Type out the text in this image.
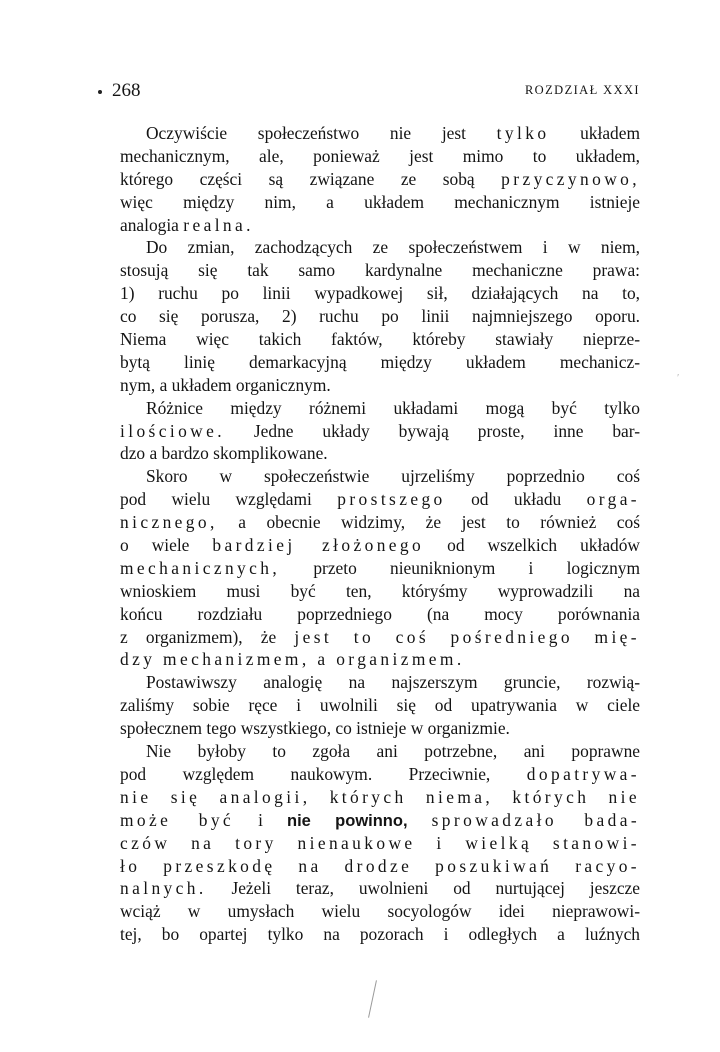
268	ROZDZIAŁ XXXI
Oczywiście społeczeństwo nie jest tylko układem
mechanicznym, ale, ponieważ jest mimo to układem,
którego części są związane ze sobą przyczynowo,
więc między nim, a układem mechanicznym istnieje
analogia realna.
Do zmian, zachodzących ze społeczeństwem i w niem,
stosują się tak samo kardynalne mechaniczne prawa:
1) ruchu po linii wypadkowej sił, działających na to,
co się porusza, 2) ruchu po linii najmniejszego oporu.
Niema więc takich faktów, któreby stawiały nieprze-
bytą linię demarkacyjną między układem mechanicz-
nym, a układem organicznym.
Różnice między różnemi układami mogą być tylko
ilościowe. Jedne układy bywają proste, inne bar-
dzo a bardzo skomplikowane.
Skoro w społeczeństwie ujrzeliśmy poprzednio coś
pod wielu względami prostszego od układu orga-
nicznego, a obecnie widzimy, że jest to również coś
o wiele bardziej złożonego od wszelkich układów
mechanicznych, przeto nieuniknionym i logicznym
wnioskiem musi być ten, któryśmy wyprowadzili na
końcu rozdziału poprzedniego (na mocy porównania
z organizmem), że jest to coś pośredniego mię-
dzy mechanizmem, a organizmem.
Postawiwszy analogię na najszerszym gruncie, rozwią-
zaliśmy sobie ręce i uwolnili się od upatrywania w ciele
społecznem tego wszystkiego, co istnieje w organizmie.
Nie byłoby to zgoła ani potrzebne, ani poprawne
pod względem naukowym. Przeciwnie, dopatrywa-
nie się analogii, których niema, których nie
może być i nie powinno, sprowadzało bada-
czów na tory nienaukowe i wielką stanowi-
ło przeszkodę na drodze poszukiwań racyo-
nalnych. Jeżeli teraz, uwolnieni od nurtującej jeszcze
wciąż w umysłach wielu socyologów idei nieprawowi-
tej, bo opartej tylko na pozorach i odległych a luźnych
ʹ
